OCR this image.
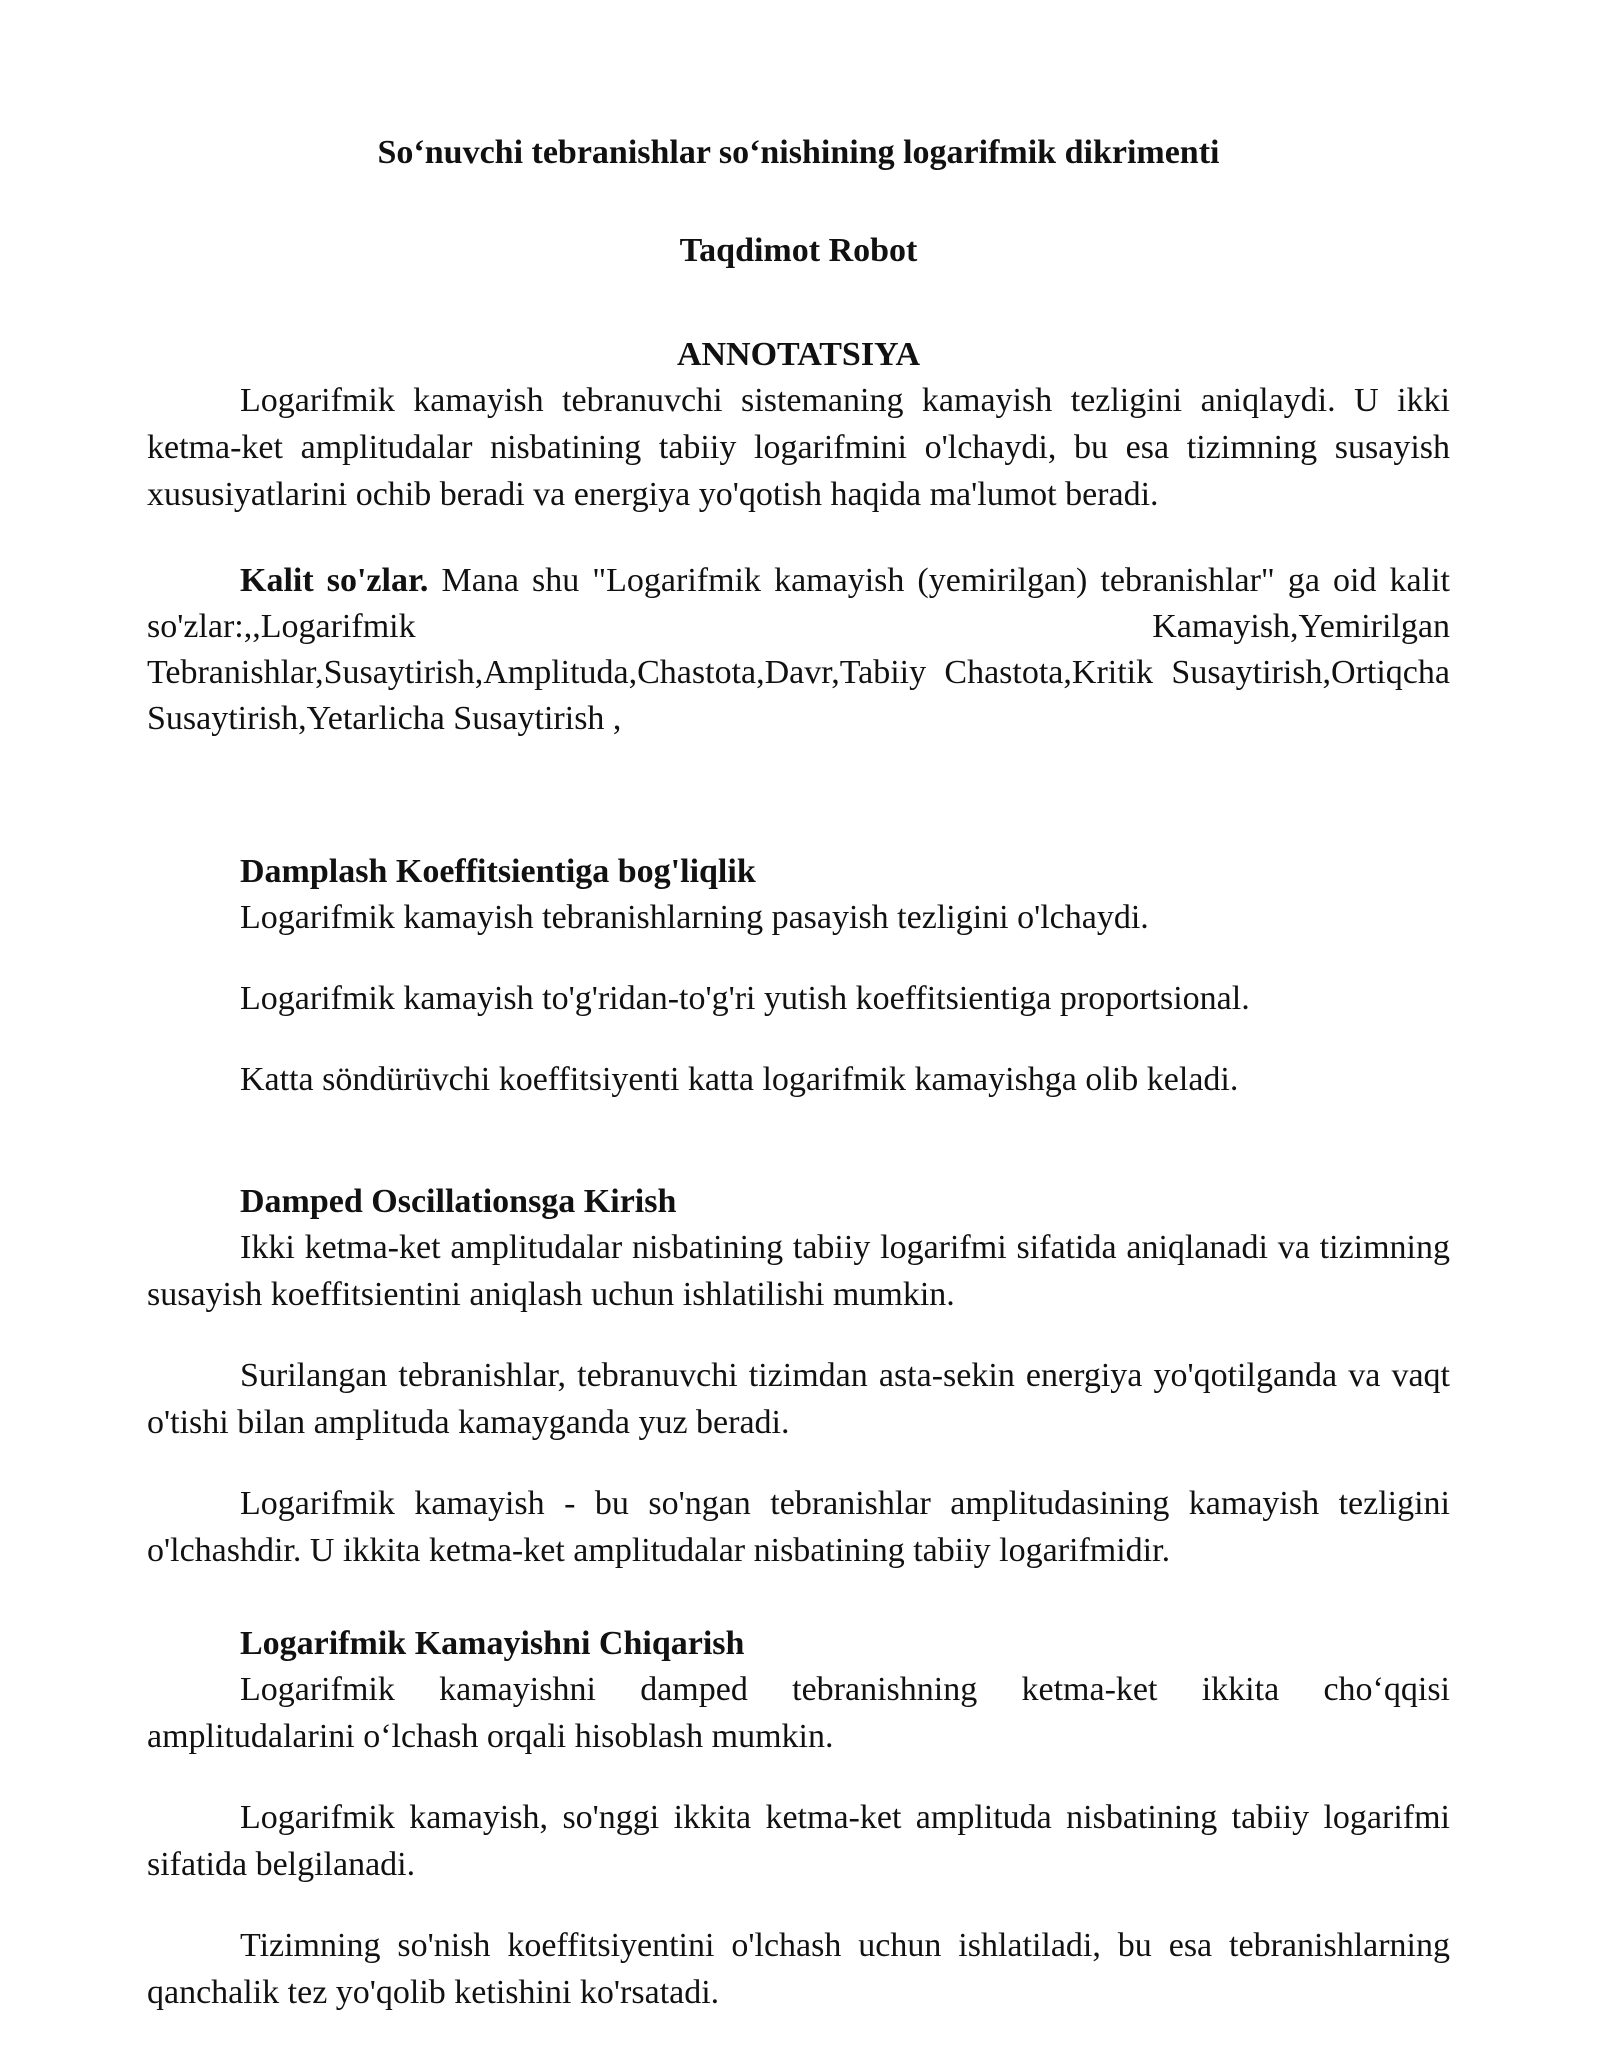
So‘nuvchi tebranishlar so‘nishining logarifmik dikrimenti
Taqdimot Robot
ANNOTATSIYA

Logarifmik kamayish tebranuvchi sistemaning kamayish tezligini aniqlaydi. U ikki ketma-ket amplitudalar nisbatining tabiiy logarifmini o'lchaydi, bu esa tizimning susayish xususiyatlarini ochib beradi va energiya yo'qotish haqida ma'lumot beradi.

Kalit so'zlar. Mana shu "Logarifmik kamayish (yemirilgan) tebranishlar" ga oid kalit so'zlar:,,Logarifmik Kamayish,Yemirilgan Tebranishlar,Susaytirish,Amplituda,Chastota,Davr,Tabiiy Chastota,Kritik Susaytirish,Ortiqcha Susaytirish,Yetarlicha Susaytirish ,

Damplash Koeffitsientiga bog'liqlik

Logarifmik kamayish tebranishlarning pasayish tezligini o'lchaydi.

Logarifmik kamayish to'g'ridan-to'g'ri yutish koeffitsientiga proportsional.

Katta söndürüvchi koeffitsiyenti katta logarifmik kamayishga olib keladi.

Damped Oscillationsga Kirish

Ikki ketma-ket amplitudalar nisbatining tabiiy logarifmi sifatida aniqlanadi va tizimning susayish koeffitsientini aniqlash uchun ishlatilishi mumkin.

Surilangan tebranishlar, tebranuvchi tizimdan asta-sekin energiya yo'qotilganda va vaqt o'tishi bilan amplituda kamayganda yuz beradi.

Logarifmik kamayish - bu so'ngan tebranishlar amplitudasining kamayish tezligini o'lchashdir. U ikkita ketma-ket amplitudalar nisbatining tabiiy logarifmidir.

Logarifmik Kamayishni Chiqarish

Logarifmik kamayishni damped tebranishning ketma-ket ikkita cho‘qqisi amplitudalarini o‘lchash orqali hisoblash mumkin.

Logarifmik kamayish, so'nggi ikkita ketma-ket amplituda nisbatining tabiiy logarifmi sifatida belgilanadi.

Tizimning so'nish koeffitsiyentini o'lchash uchun ishlatiladi, bu esa tebranishlarning qanchalik tez yo'qolib ketishini ko'rsatadi.
